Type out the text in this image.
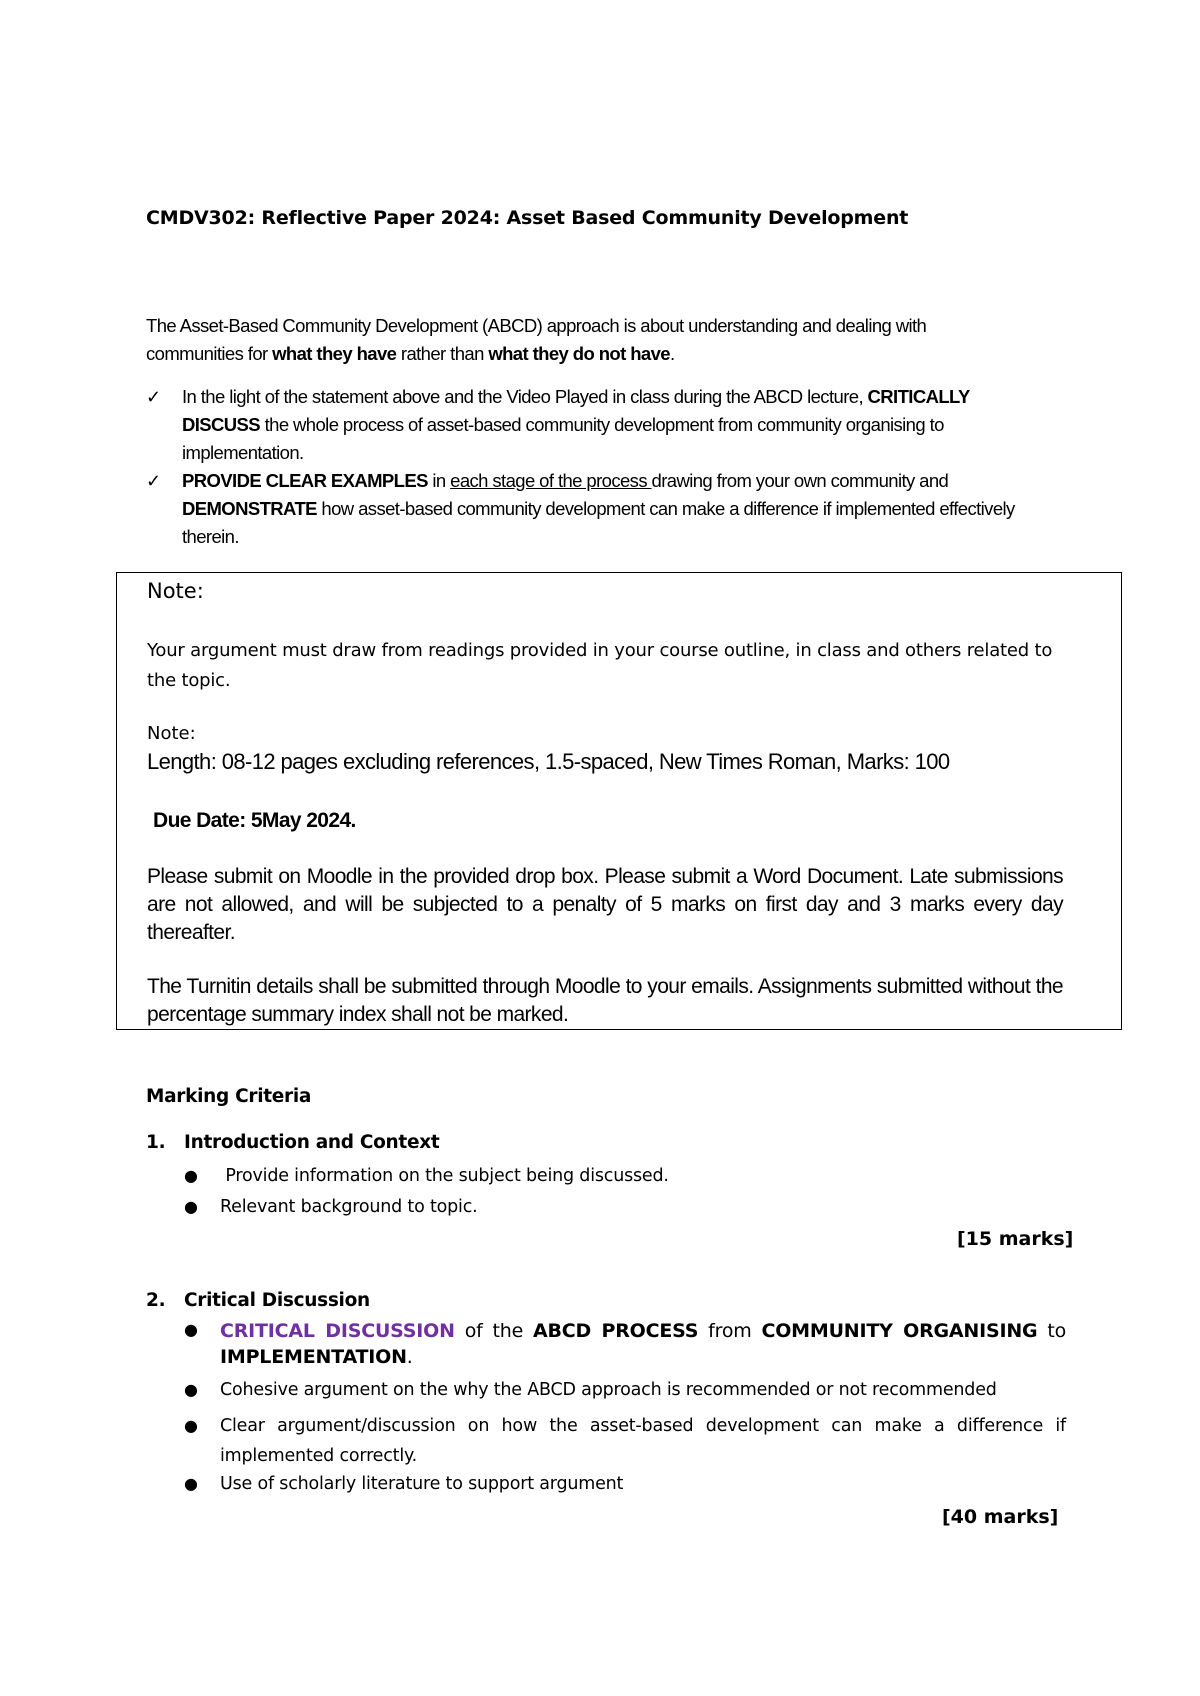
CMDV302: Reflective Paper 2024: Asset Based Community Development
The Asset-Based Community Development (ABCD) approach is about understanding and dealing with communities for what they have rather than what they do not have.
✓ In the light of the statement above and the Video Played in class during the ABCD lecture, CRITICALLY DISCUSS the whole process of asset-based community development from community organising to implementation.
✓ PROVIDE CLEAR EXAMPLES in each stage of the process drawing from your own community and DEMONSTRATE how asset-based community development can make a difference if implemented effectively therein.
Note:
Your argument must draw from readings provided in your course outline, in class and others related to the topic.
Note:
Length: 08-12 pages excluding references, 1.5-spaced, New Times Roman, Marks: 100
Due Date: 5May 2024.
Please submit on Moodle in the provided drop box. Please submit a Word Document. Late submissions are not allowed, and will be subjected to a penalty of 5 marks on first day and 3 marks every day thereafter.
The Turnitin details shall be submitted through Moodle to your emails. Assignments submitted without the percentage summary index shall not be marked.
Marking Criteria
1. Introduction and Context
● Provide information on the subject being discussed.
● Relevant background to topic.
[15 marks]
2. Critical Discussion
● CRITICAL DISCUSSION of the ABCD PROCESS from COMMUNITY ORGANISING to
IMPLEMENTATION.
● Cohesive argument on the why the ABCD approach is recommended or not recommended
● Clear argument/discussion on how the asset-based development can make a difference if implemented correctly.
● Use of scholarly literature to support argument
[40 marks]
